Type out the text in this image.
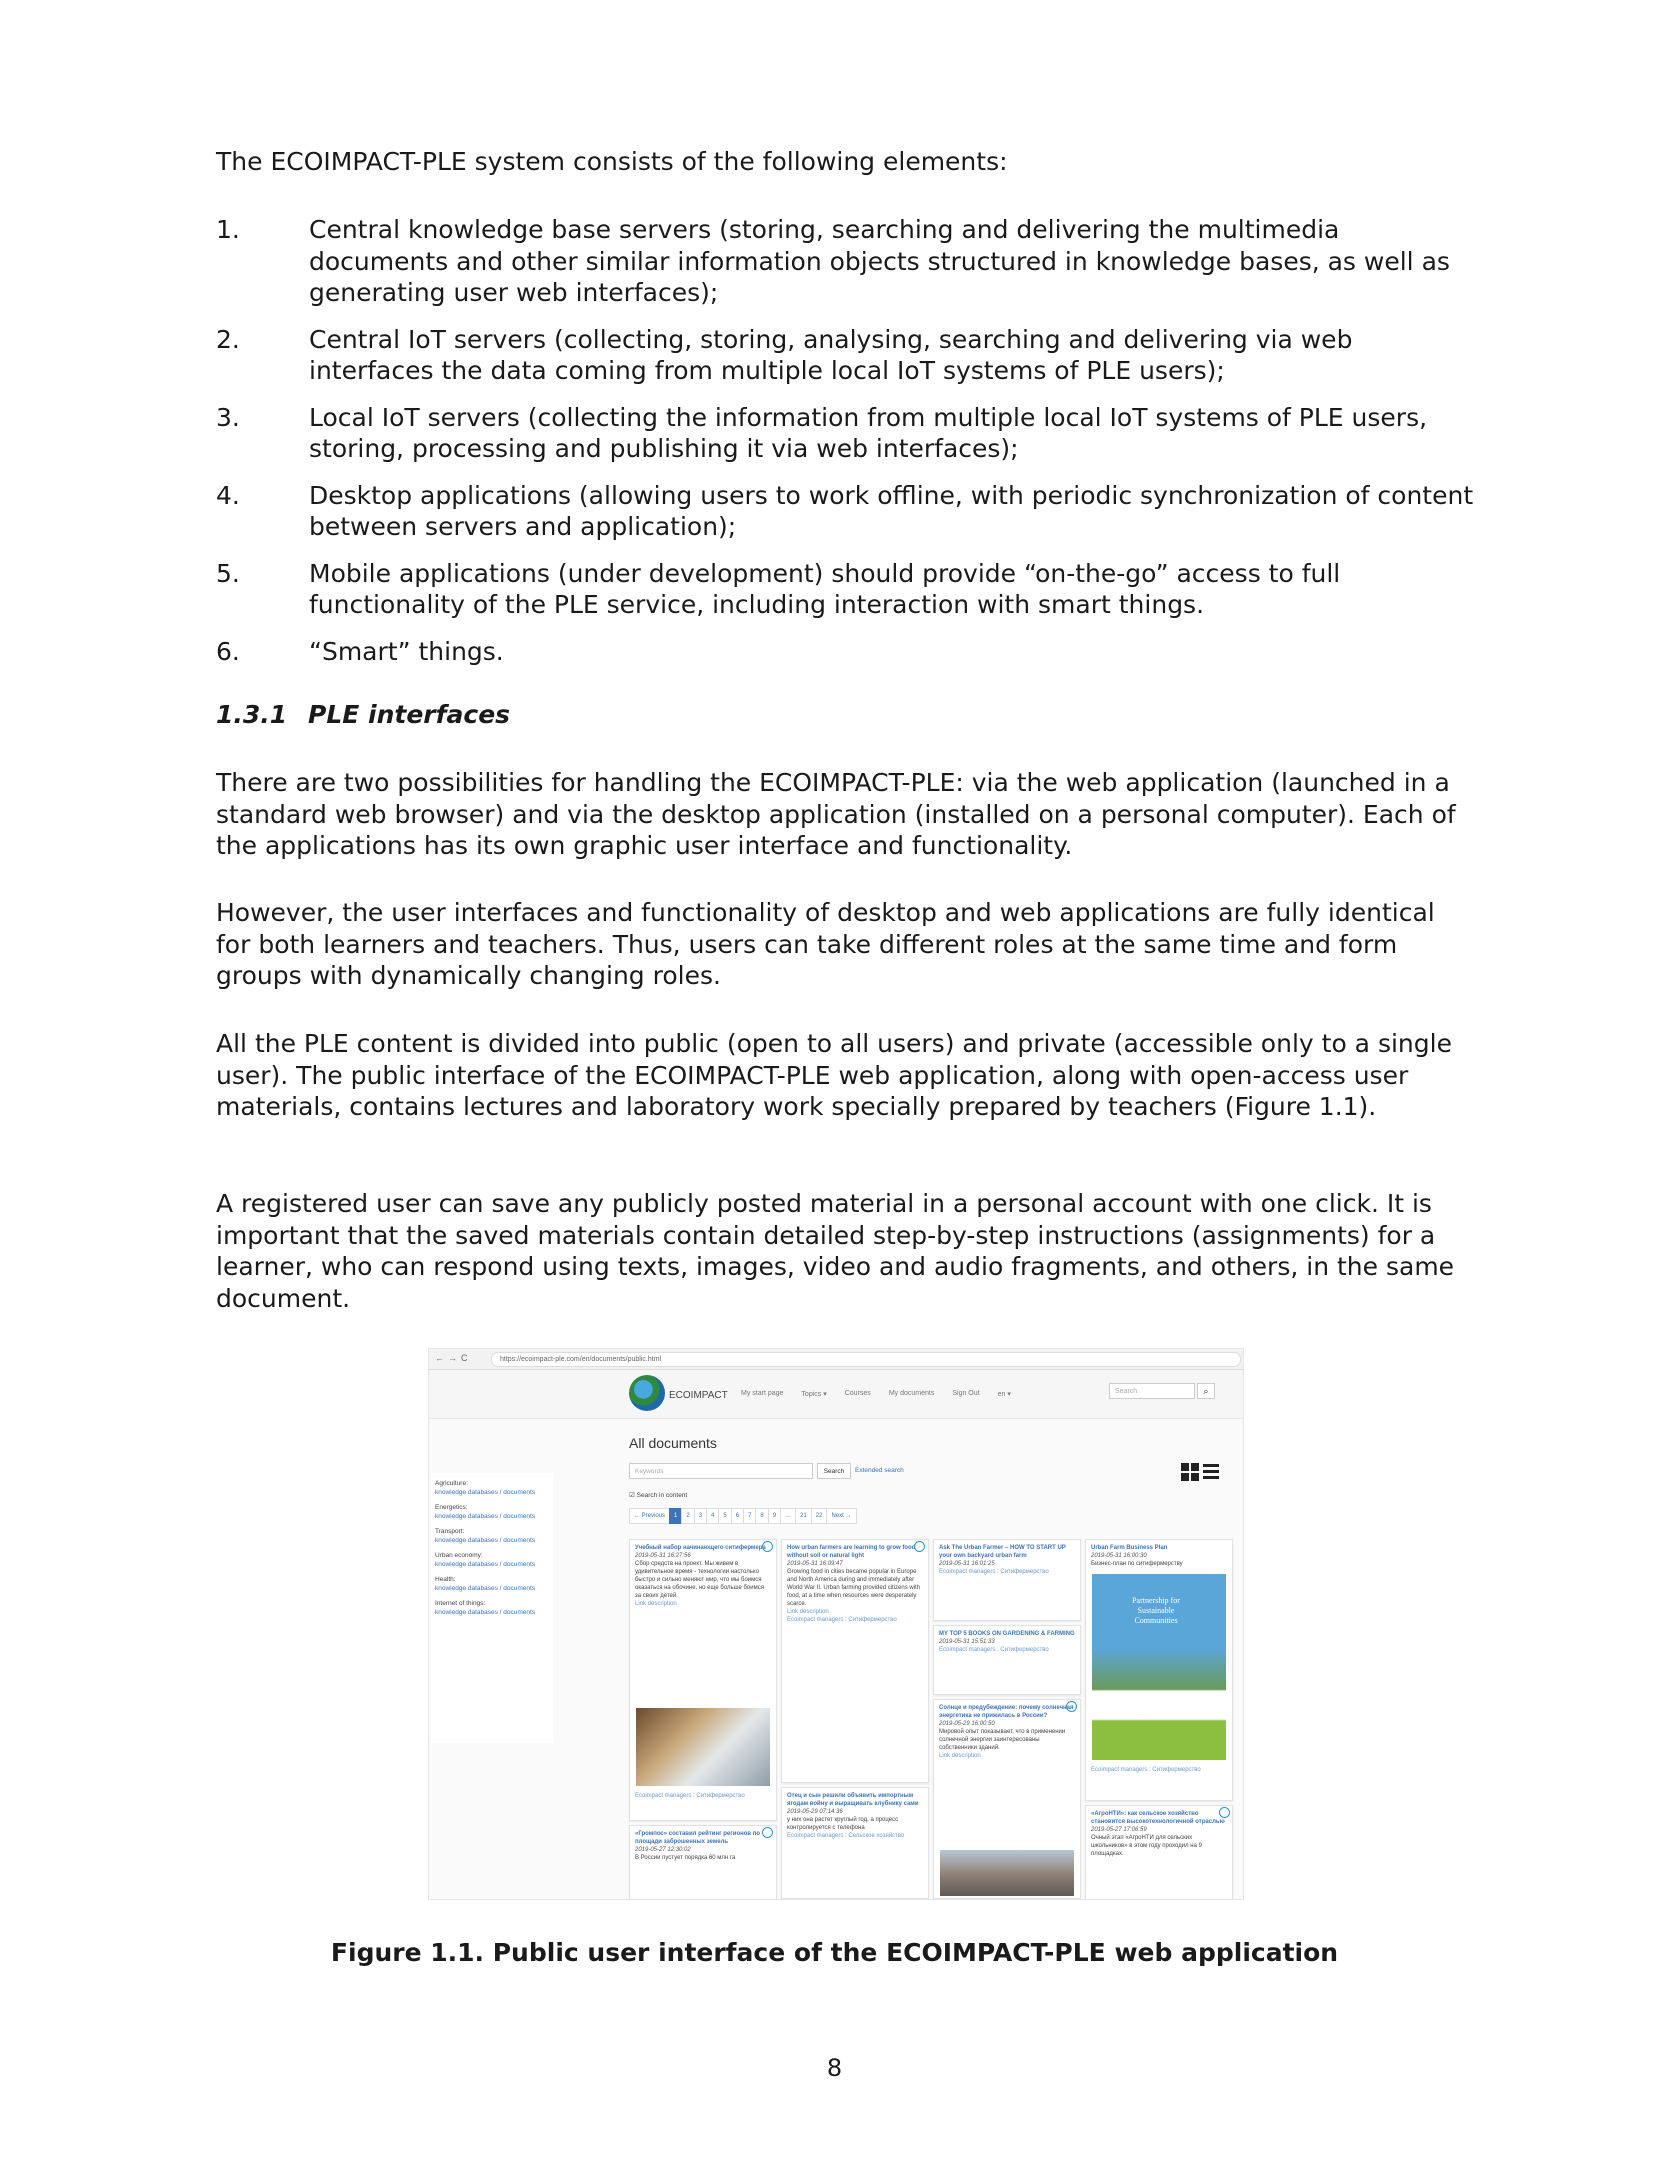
The ECOIMPACT-PLE system consists of the following elements:
1.	Central knowledge base servers (storing, searching and delivering the multimedia documents and other similar information objects structured in knowledge bases, as well as generating user web interfaces);
2.	Central IoT servers (collecting, storing, analysing, searching and delivering via web interfaces the data coming from multiple local IoT systems of PLE users);
3.	Local IoT servers (collecting the information from multiple local IoT systems of PLE users, storing, processing and publishing it via web interfaces);
4.	Desktop applications (allowing users to work offline, with periodic synchronization of content between servers and application);
5.	Mobile applications (under development) should provide “on-the-go” access to full functionality of the PLE service, including interaction with smart things.
6.	“Smart” things.
1.3.1 PLE interfaces
There are two possibilities for handling the ECOIMPACT-PLE: via the web application (launched in a standard web browser) and via the desktop application (installed on a personal computer). Each of the applications has its own graphic user interface and functionality.
However, the user interfaces and functionality of desktop and web applications are fully identical for both learners and teachers. Thus, users can take different roles at the same time and form groups with dynamically changing roles.
All the PLE content is divided into public (open to all users) and private (accessible only to a single user). The public interface of the ECOIMPACT-PLE web application, along with open-access user materials, contains lectures and laboratory work specially prepared by teachers (Figure 1.1).
A registered user can save any publicly posted material in a personal account with one click. It is important that the saved materials contain detailed step-by-step instructions (assignments) for a learner, who can respond using texts, images, video and audio fragments, and others, in the same document.
←→C	https://ecoimpact-ple.com/en/documents/public.html
ECOIMPACT My start page	Topics ▾	Courses	My documents	Sign Out	en ▾	Search	⌕
Agriculture:
knowledge databases / documents
Energetics:
knowledge databases / documents
Transport:
knowledge databases / documents
Urban economy:
knowledge databases / documents
Health:
knowledge databases / documents
Internet of things:
knowledge databases / documents
All documents
Keywords	Search	Extended search
☑ Search in content
← Previous	1	2	3	4	5	6	7	8	9	…	21	22	Next →
Учебный набор начинающего ситифермера
2019-05-31 16:27:56
Сбор средств на проект. Мы живем в удивительное время - технологии настолько быстро и сильно меняют мир, что мы боимся оказаться на обочине, но еще больше боимся за своих детей.
Link description
Ecoimpact managers : Ситифермерство
«Громпос» составил рейтинг регионов по площади заброшенных земель
2019-05-27 12:30:02
В России пустует порядка 60 млн га
How urban farmers are learning to grow food without soil or natural light
2019-05-31 16:09:47
Growing food in cities became popular in Europe and North America during and immediately after World War II. Urban farming provided citizens with food, at a time when resources were desperately scarce.
Link description
Ecoimpact managers : Ситифермерство
Отец и сын решили объявить импортным ягодам войну и выращивать клубнику сами
2019-05-29 07:14:36
у них она растет круглый год, а процесс контролируется с телефона
Ecoimpact managers : Сельское хозяйство
Ask The Urban Farmer – HOW TO START UP your own backyard urban farm
2019-05-31 16:01:25
Ecoimpact managers : Ситифермерство
MY TOP 5 BOOKS ON GARDENING & FARMING
2019-05-31 15:51:33
Ecoimpact managers : Ситифермерство
Солнце и предубеждение: почему солнечная энергетика не прижилась в России?
2019-05-29 16:00:50
Мировой опыт показывает, что в применении солнечной энергии заинтересованы собственники зданий.
Link description
Urban Farm Business Plan
2019-05-31 16:00:30
Бизнес-план по ситифермерству
Partnership for Sustainable Communities
Ecoimpact managers : Ситифермерство
«АгроНТИ»: как сельское хозяйство становится высокотехнологичной отраслью
2019-05-27 17:06:59
Очный этап «АгроНТИ для сельских школьников» в этом году проходил на 9 площадках.
Figure 1.1. Public user interface of the ECOIMPACT-PLE web application
8
